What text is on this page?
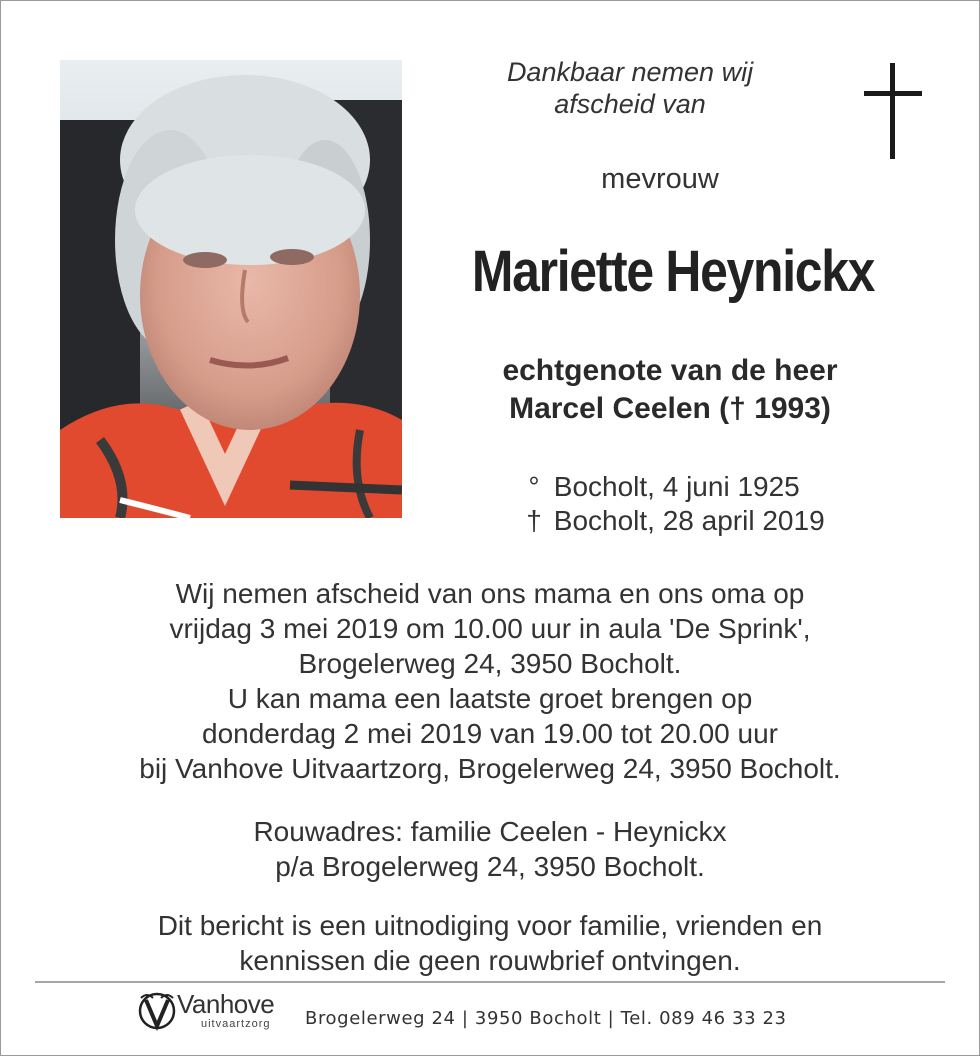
Dankbaar nemen wij
afscheid van
mevrouw
Mariette Heynickx
echtgenote van de heer
Marcel Ceelen († 1993)
° Bocholt, 4 juni 1925
† Bocholt, 28 april 2019
Wij nemen afscheid van ons mama en ons oma op
vrijdag 3 mei 2019 om 10.00 uur in aula 'De Sprink',
Brogelerweg 24, 3950 Bocholt.
U kan mama een laatste groet brengen op
donderdag 2 mei 2019 van 19.00 tot 20.00 uur
bij Vanhove Uitvaartzorg, Brogelerweg 24, 3950 Bocholt.
Rouwadres: familie Ceelen - Heynickx
p/a Brogelerweg 24, 3950 Bocholt.
Dit bericht is een uitnodiging voor familie, vrienden en
kennissen die geen rouwbrief ontvingen.
Vanhove
uitvaartzorg Brogelerweg 24 | 3950 Bocholt | Tel. 089 46 33 23
